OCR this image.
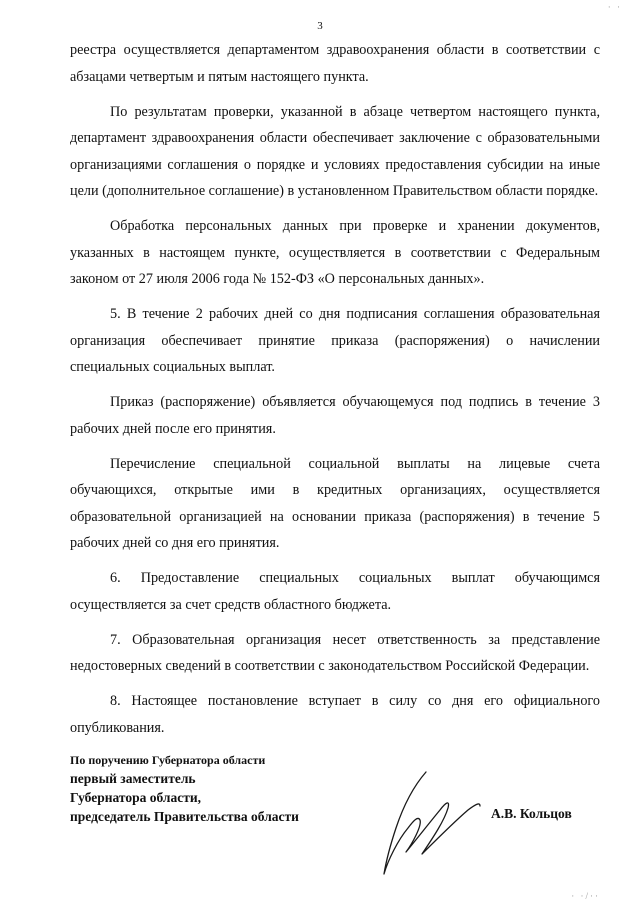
· ·
3

реестра осуществляется департаментом здравоохранения области в соответствии с абзацами четвертым и пятым настоящего пункта.

По результатам проверки, указанной в абзаце четвертом настоящего пункта, департамент здравоохранения области обеспечивает заключение с образовательными организациями соглашения о порядке и условиях предоставления субсидии на иные цели (дополнительное соглашение) в установленном Правительством области порядке.

Обработка персональных данных при проверке и хранении документов, указанных в настоящем пункте, осуществляется в соответствии с Федеральным законом от 27 июля 2006 года № 152-ФЗ «О персональных данных».

5. В течение 2 рабочих дней со дня подписания соглашения образовательная организация обеспечивает принятие приказа (распоряжения) о начислении специальных социальных выплат.

Приказ (распоряжение) объявляется обучающемуся под подпись в течение 3 рабочих дней после его принятия.

Перечисление специальной социальной выплаты на лицевые счета обучающихся, открытые ими в кредитных организациях, осуществляется образовательной организацией на основании приказа (распоряжения) в течение 5 рабочих дней со дня его принятия.

6. Предоставление специальных социальных выплат обучающимся осуществляется за счет средств областного бюджета.

7. Образовательная организация несет ответственность за представление недостоверных сведений в соответствии с законодательством Российской Федерации.

8. Настоящее постановление вступает в силу со дня его официального опубликования.

По поручению Губернатора области
первый заместитель
Губернатора области,
председатель Правительства области	А.В. Кольцов
· ·/··
